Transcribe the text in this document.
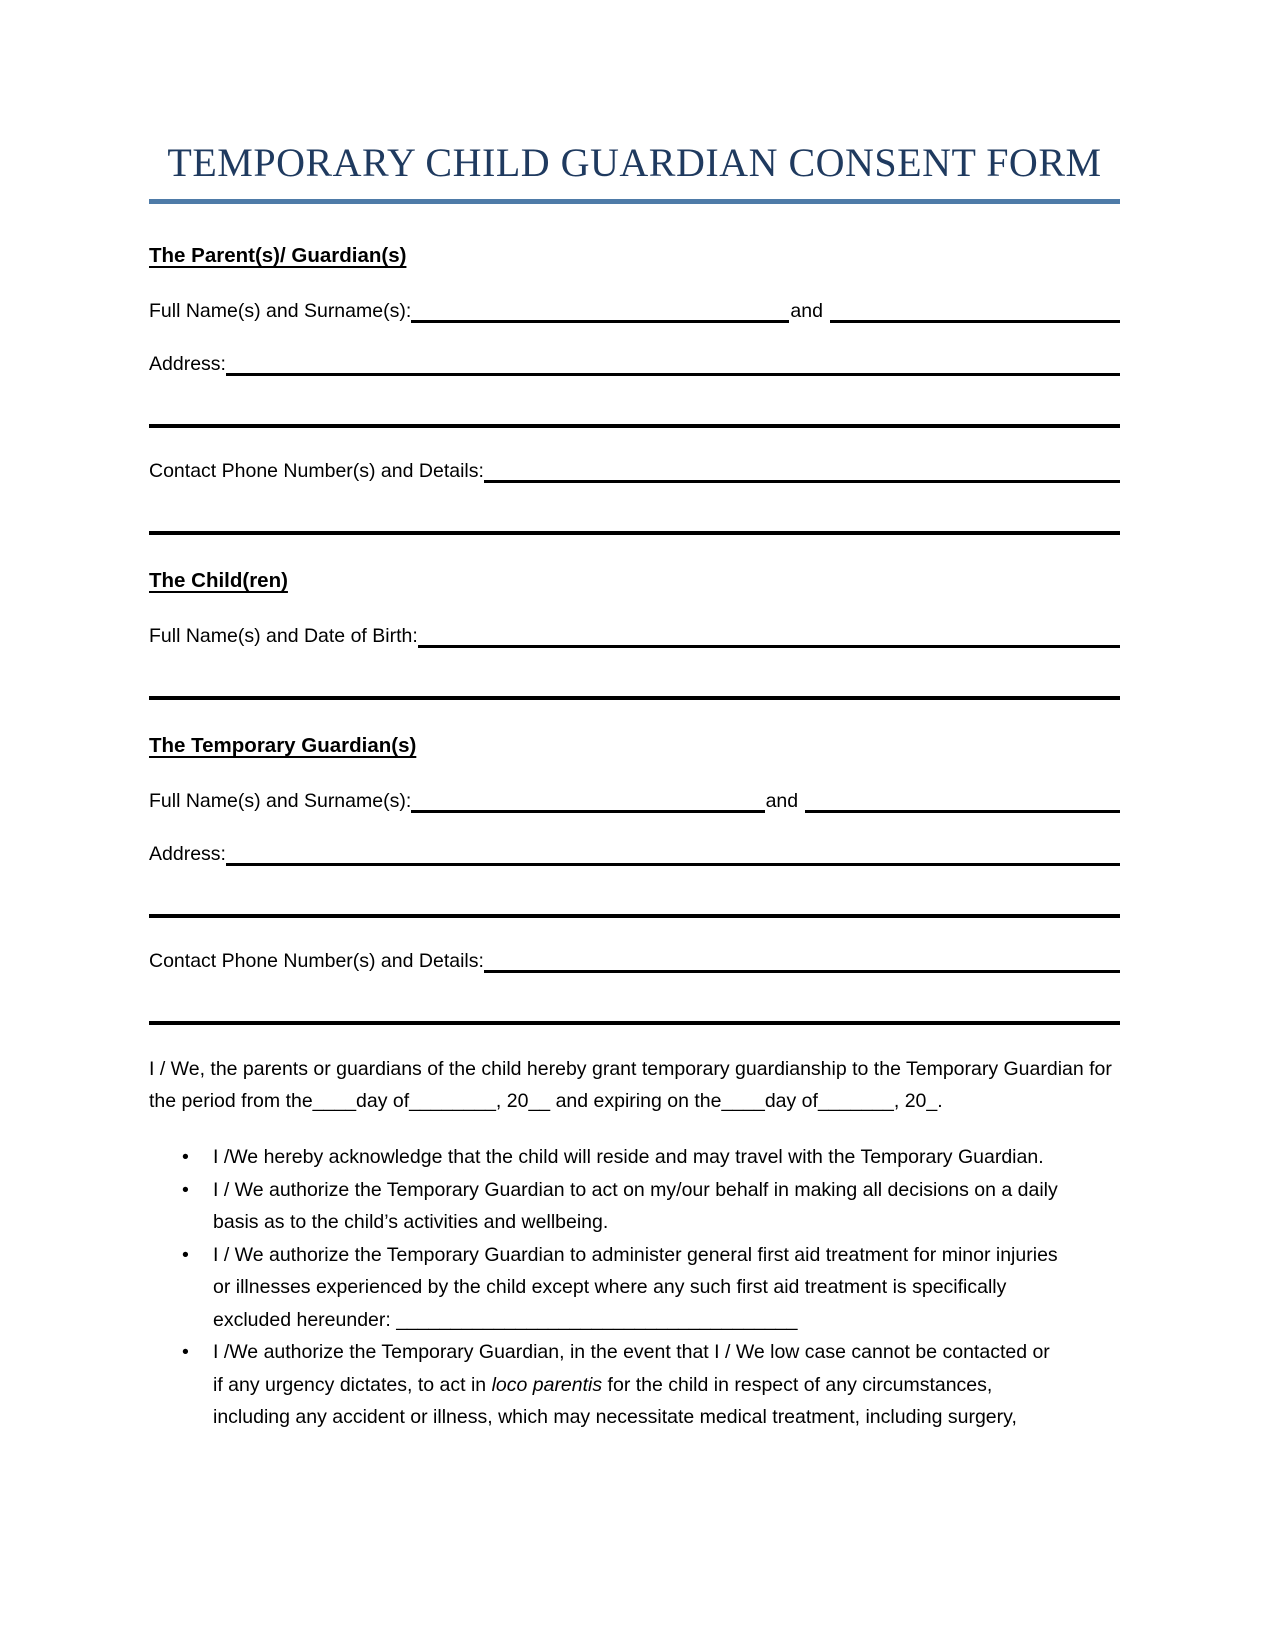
TEMPORARY CHILD GUARDIAN CONSENT FORM
The Parent(s)/ Guardian(s)
Full Name(s) and Surname(s):	and
Address:
Contact Phone Number(s) and Details:
The Child(ren)
Full Name(s) and Date of Birth:
The Temporary Guardian(s)
Full Name(s) and Surname(s):	and
Address:
Contact Phone Number(s) and Details:

I / We, the parents or guardians of the child hereby grant temporary guardianship to the Temporary Guardian for the period from the____day of________, 20__ and expiring on the____day of_______, 20_.

• I /We hereby acknowledge that the child will reside and may travel with the Temporary Guardian.
• I / We authorize the Temporary Guardian to act on my/our behalf in making all decisions on a daily basis as to the child’s activities and wellbeing.
• I / We authorize the Temporary Guardian to administer general first aid treatment for minor injuries or illnesses experienced by the child except where any such first aid treatment is specifically excluded hereunder: _____________________________________
• I /We authorize the Temporary Guardian, in the event that I / We low case cannot be contacted or if any urgency dictates, to act in loco parentis for the child in respect of any circumstances, including any accident or illness, which may necessitate medical treatment, including surgery,
